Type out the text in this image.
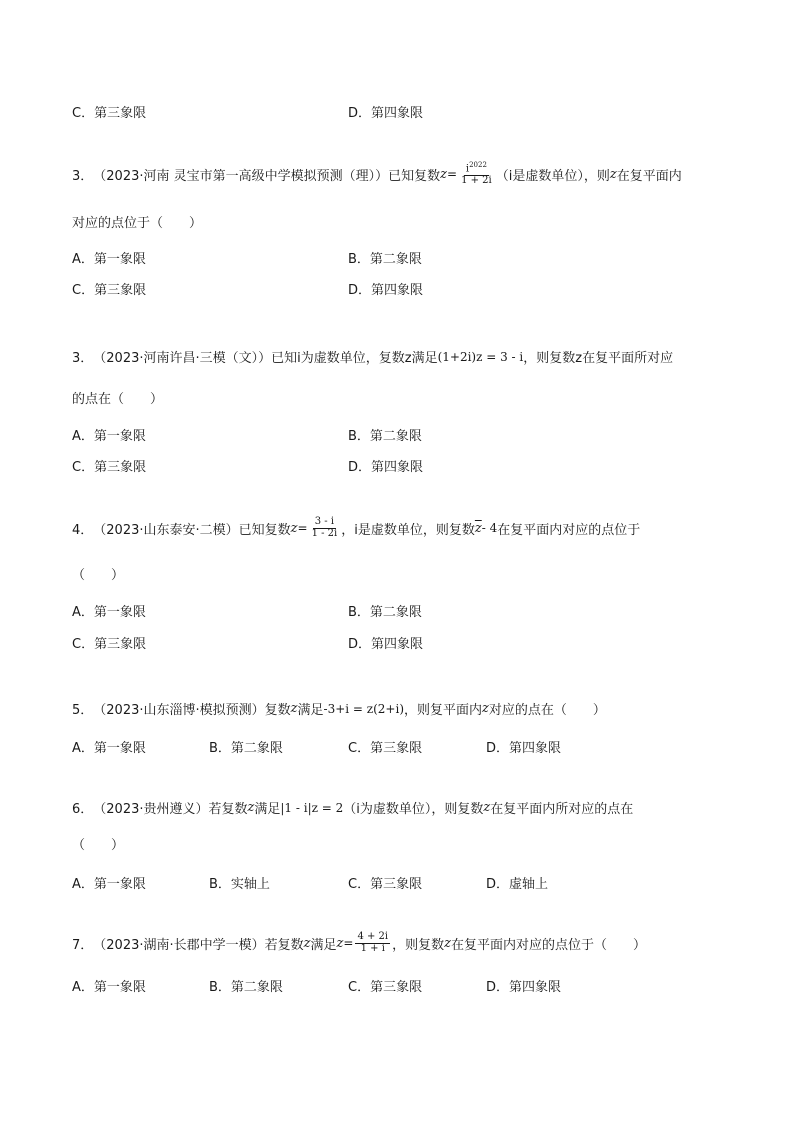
C．第三象限	D．第四象限
3． （2023·河南 灵宝市第一高级中学模拟预测（理）） 已知复数 $z = \frac{i^{2022}}{1 + 2i} (i$是虚数单位），则 z 在复平面内
对应的点位于（　　）
A．第一象限	B．第二象限
C．第三象限	D．第四象限
3． （2023·河南许昌·三模（文）） 已知i为虚数单位，复数z满足 (1+2i)z = 3 - i ，则复数z在复平面所对应
的点在（　　）
A．第一象限	B．第二象限
C．第三象限	D．第四象限
4． （2023·山东泰安·二模） 已知复数 $z = \frac{3 - i}{1 - 2i}$ ，i是虚数单位，则复数 $\overline{z} - 4$ 在复平面内对应的点位于
（　　）
A．第一象限	B．第二象限
C．第三象限	D．第四象限
5． （2023·山东淄博·模拟预测） 复数 z 满足 -3+i = z(2+i) ，则复平面内 z 对应的点在（　　）
A．第一象限	B．第二象限	C．第三象限	D．第四象限
6． （2023·贵州遵义） 若复数 z 满足 |1 - i|z = 2 （i为虚数单位），则复数 z 在复平面内所对应的点在
（　　）
A．第一象限	B．实轴上	C．第三象限	D．虚轴上
7． （2023·湖南·长郡中学一模） 若复数 z 满足 $z = \frac{4 + 2i}{1 + i}$ ，则复数 z 在复平面内对应的点位于（　　）
A．第一象限	B．第二象限	C．第三象限	D．第四象限
